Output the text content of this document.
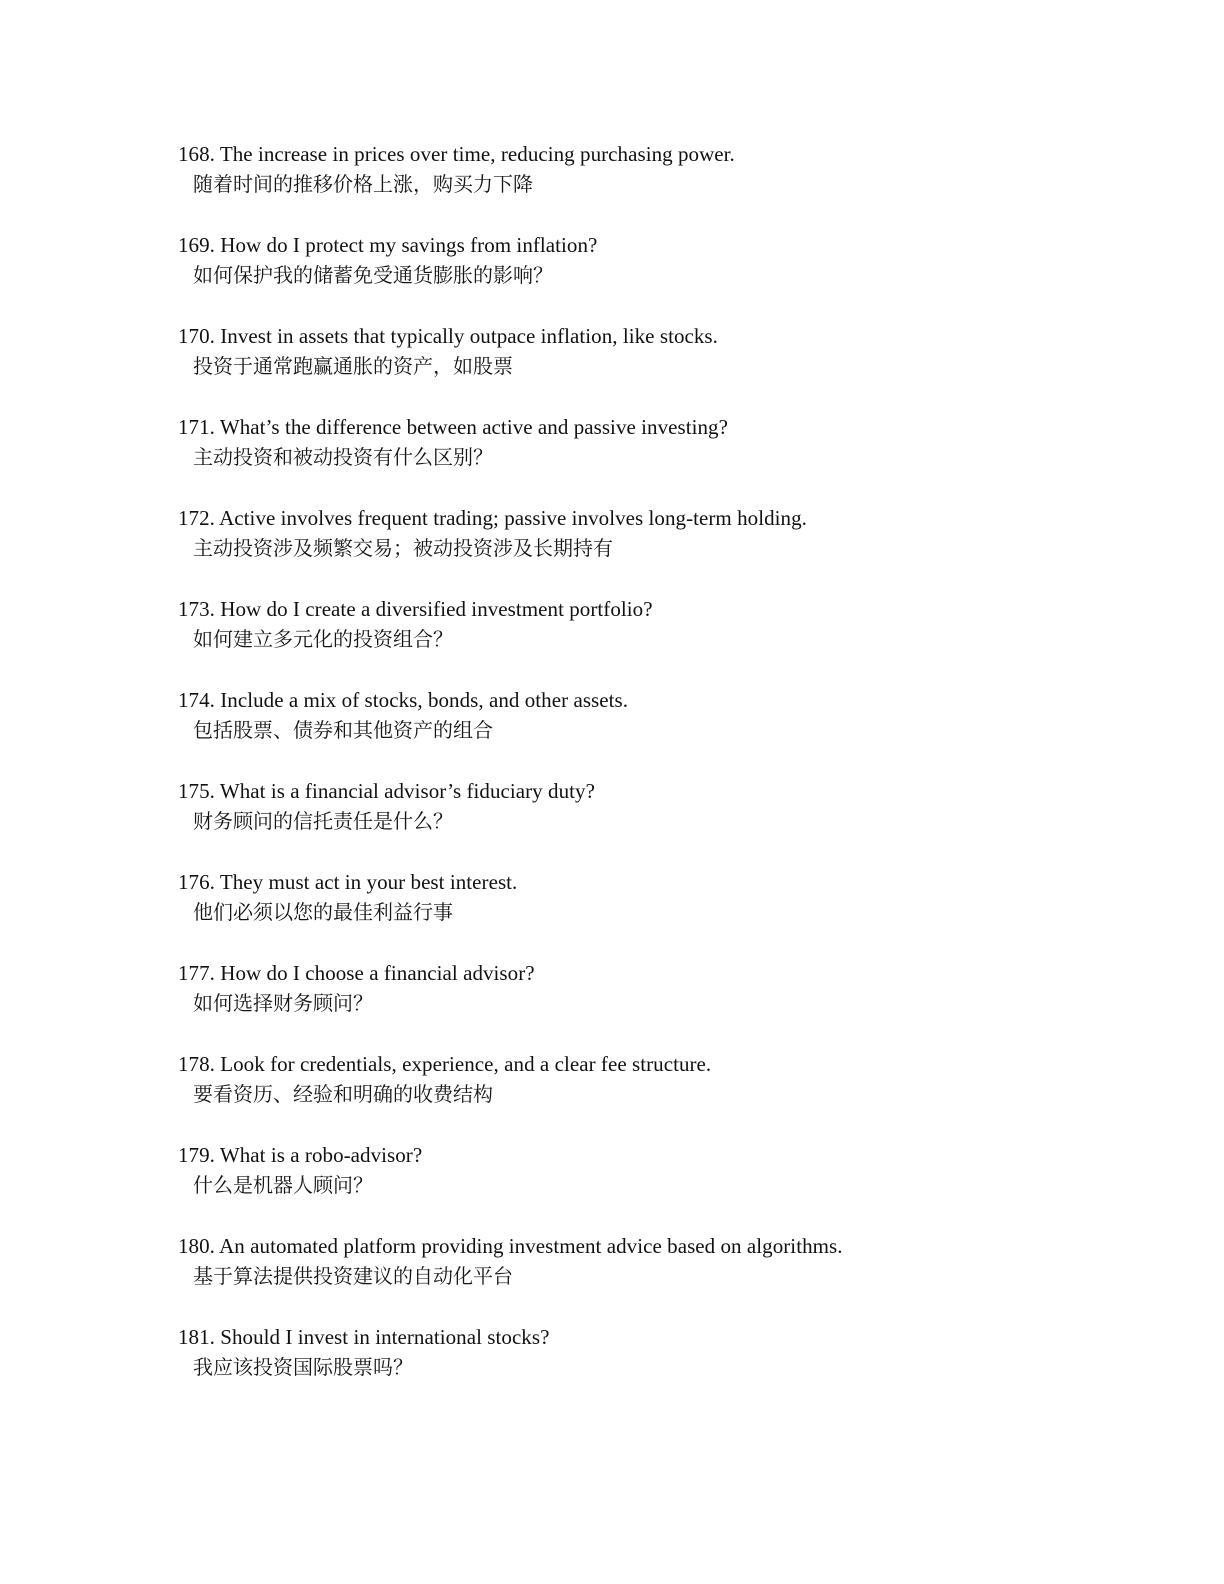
168. The increase in prices over time, reducing purchasing power.
随着时间的推移价格上涨，购买力下降
169. How do I protect my savings from inflation?
如何保护我的储蓄免受通货膨胀的影响？
170. Invest in assets that typically outpace inflation, like stocks.
投资于通常跑赢通胀的资产，如股票
171. What’s the difference between active and passive investing?
主动投资和被动投资有什么区别？
172. Active involves frequent trading; passive involves long-term holding.
主动投资涉及频繁交易；被动投资涉及长期持有
173. How do I create a diversified investment portfolio?
如何建立多元化的投资组合？
174. Include a mix of stocks, bonds, and other assets.
包括股票、债券和其他资产的组合
175. What is a financial advisor’s fiduciary duty?
财务顾问的信托责任是什么？
176. They must act in your best interest.
他们必须以您的最佳利益行事
177. How do I choose a financial advisor?
如何选择财务顾问？
178. Look for credentials, experience, and a clear fee structure.
要看资历、经验和明确的收费结构
179. What is a robo-advisor?
什么是机器人顾问？
180. An automated platform providing investment advice based on algorithms.
基于算法提供投资建议的自动化平台
181. Should I invest in international stocks?
我应该投资国际股票吗？
